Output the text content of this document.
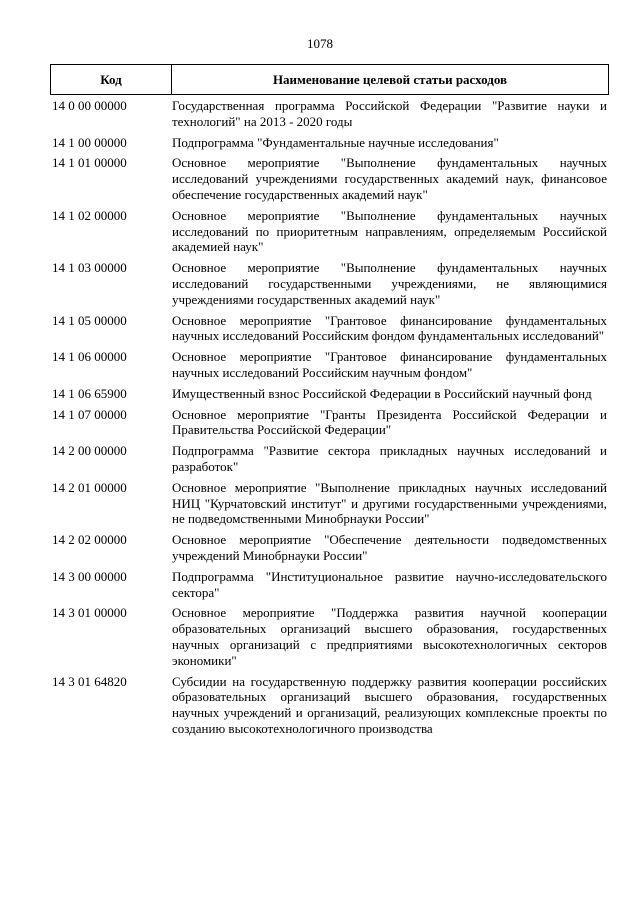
1078
Код	Наименование целевой статьи расходов
14 0 00 00000	Государственная программа Российской Федерации "Развитие науки и технологий" на 2013 - 2020 годы
14 1 00 00000	Подпрограмма "Фундаментальные научные исследования"
14 1 01 00000	Основное мероприятие "Выполнение фундаментальных научных исследований учреждениями государственных академий наук, финансовое обеспечение государственных академий наук"
14 1 02 00000	Основное мероприятие "Выполнение фундаментальных научных исследований по приоритетным направлениям, определяемым Российской академией наук"
14 1 03 00000	Основное мероприятие "Выполнение фундаментальных научных исследований государственными учреждениями, не являющимися учреждениями государственных академий наук"
14 1 05 00000	Основное мероприятие "Грантовое финансирование фундаментальных научных исследований Российским фондом фундаментальных исследований"
14 1 06 00000	Основное мероприятие "Грантовое финансирование фундаментальных научных исследований Российским научным фондом"
14 1 06 65900	Имущественный взнос Российской Федерации в Российский научный фонд
14 1 07 00000	Основное мероприятие "Гранты Президента Российской Федерации и Правительства Российской Федерации"
14 2 00 00000	Подпрограмма "Развитие сектора прикладных научных исследований и разработок"
14 2 01 00000	Основное мероприятие "Выполнение прикладных научных исследований НИЦ "Курчатовский институт" и другими государственными учреждениями, не подведомственными Минобрнауки России"
14 2 02 00000	Основное мероприятие "Обеспечение деятельности подведомственных учреждений Минобрнауки России"
14 3 00 00000	Подпрограмма "Институциональное развитие научно-исследовательского сектора"
14 3 01 00000	Основное мероприятие "Поддержка развития научной кооперации образовательных организаций высшего образования, государственных научных организаций с предприятиями высокотехнологичных секторов экономики"
14 3 01 64820	Субсидии на государственную поддержку развития кооперации российских образовательных организаций высшего образования, государственных научных учреждений и организаций, реализующих комплексные проекты по созданию высокотехнологичного производства
